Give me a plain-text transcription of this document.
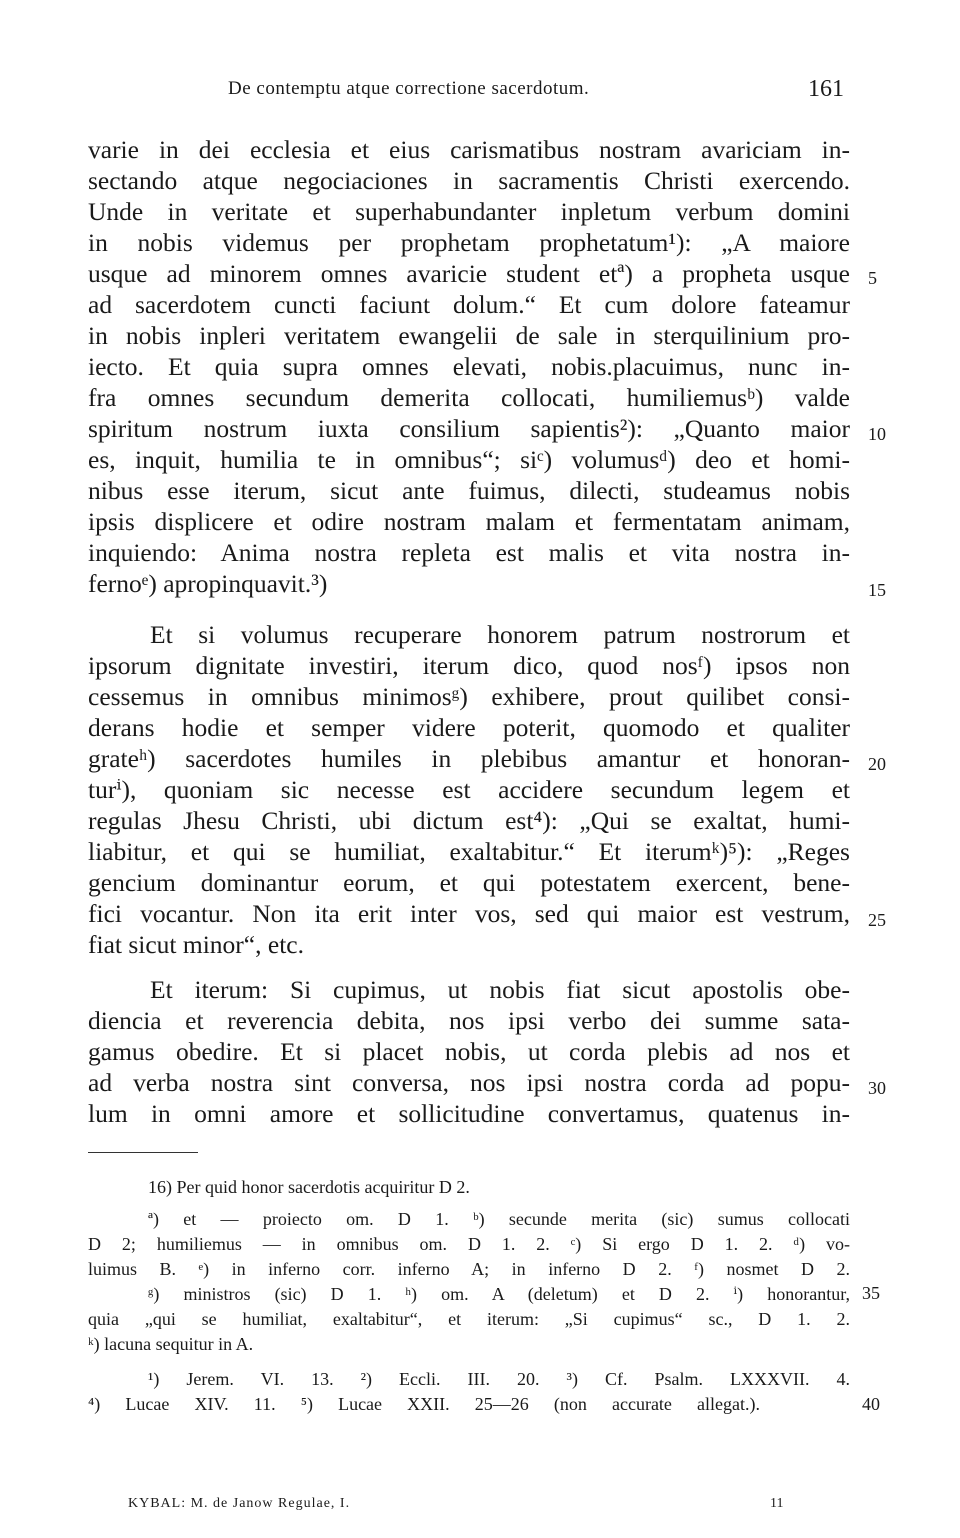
De contemptu atque correctione sacerdotum.	161
varie in dei ecclesia et eius carismatibus nostram avariciam in-
sectando atque negociaciones in sacramentis Christi exercendo.
Unde in veritate et superhabundanter inpletum verbum domini
in nobis videmus per prophetam prophetatum¹): „A maiore
usque ad minorem omnes avaricie student etª) a propheta usque
ad sacerdotem cuncti faciunt dolum.“ Et cum dolore fateamur
in nobis inpleri veritatem ewangelii de sale in sterquilinium pro-
iecto. Et quia supra omnes elevati, nobis.placuimus, nunc in-
fra omnes secundum demerita collocati, humiliemusᵇ) valde
spiritum nostrum iuxta consilium sapientis²): „Quanto maior
es, inquit, humilia te in omnibus“; siᶜ) volumusᵈ) deo et homi-
nibus esse iterum, sicut ante fuimus, dilecti, studeamus nobis
ipsis displicere et odire nostram malam et fermentatam animam,
inquiendo: Anima nostra repleta est malis et vita nostra in-
fernoᵉ) apropinquavit.³)
Et si volumus recuperare honorem patrum nostrorum et
ipsorum dignitate investiri, iterum dico, quod nosᶠ) ipsos non
cessemus in omnibus minimosᵍ) exhibere, prout quilibet consi-
derans hodie et semper videre poterit, quomodo et qualiter
grateʰ) sacerdotes humiles in plebibus amantur et honoran-
turⁱ), quoniam sic necesse est accidere secundum legem et
regulas Jhesu Christi, ubi dictum est⁴): „Qui se exaltat, humi-
liabitur, et qui se humiliat, exaltabitur.“ Et iterumᵏ)⁵): „Reges
gencium dominantur eorum, et qui potestatem exercent, bene-
fici vocantur. Non ita erit inter vos, sed qui maior est vestrum,
fiat sicut minor“, etc.
Et iterum: Si cupimus, ut nobis fiat sicut apostolis obe-
diencia et reverencia debita, nos ipsi verbo dei summe sata-
gamus obedire. Et si placet nobis, ut corda plebis ad nos et
ad verba nostra sint conversa, nos ipsi nostra corda ad popu-
lum in omni amore et sollicitudine convertamus, quatenus in-
5
10
15
20
25
30
16) Per quid honor sacerdotis acquiritur D 2.
ª) et — proiecto om. D 1. ᵇ) secunde merita (sic) sumus collocati
D 2; humiliemus — in omnibus om. D 1. 2. ᶜ) Si ergo D 1. 2. ᵈ) vo-
luimus B. ᵉ) in inferno corr. inferno A; in inferno D 2. ᶠ) nosmet D 2.
ᵍ) ministros (sic) D 1. ʰ) om. A (deletum) et D 2. ⁱ) honorantur,
quia „qui se humiliat, exaltabitur“, et iterum: „Si cupimus“ sc., D 1. 2.
ᵏ) lacuna sequitur in A.
¹) Jerem. VI. 13. ²) Eccli. III. 20. ³) Cf. Psalm. LXXXVII. 4.
⁴) Lucae XIV. 11. ⁵) Lucae XXII. 25—26 (non accurate allegat.).
35
40
KYBAL: M. de Janow Regulae, I.	11
